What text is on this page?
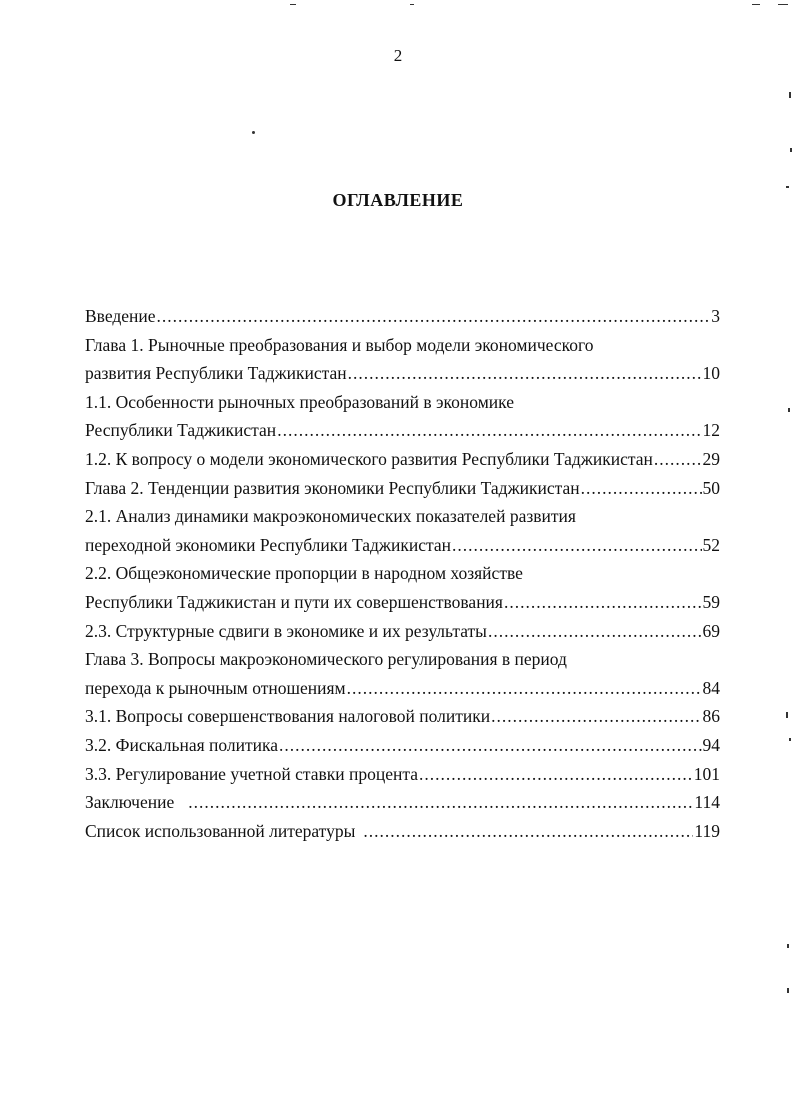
2
ОГЛАВЛЕНИЕ
Введение .....	3
Глава 1. Рыночные преобразования и выбор модели экономического
развития Республики Таджикистан .....	10
1.1. Особенности рыночных преобразований в экономике
Республики Таджикистан .....	12
1.2. К вопросу о модели экономического развития Республики Таджикистан .....	29
Глава 2. Тенденции развития экономики Республики Таджикистан .....	50
2.1. Анализ динамики макроэкономических показателей развития
переходной экономики Республики Таджикистан .....	52
2.2. Общеэкономические пропорции в народном хозяйстве
Республики Таджикистан и пути их совершенствования .....	59
2.3. Структурные сдвиги в экономике и их результаты .....	69
Глава 3. Вопросы макроэкономического регулирования в период
перехода к рыночным отношениям .....	84
3.1. Вопросы совершенствования налоговой политики .....	86
3.2. Фискальная политика .....	94
3.3. Регулирование учетной ставки процента .....	101
Заключение .....	114
Список использованной литературы .....	119
